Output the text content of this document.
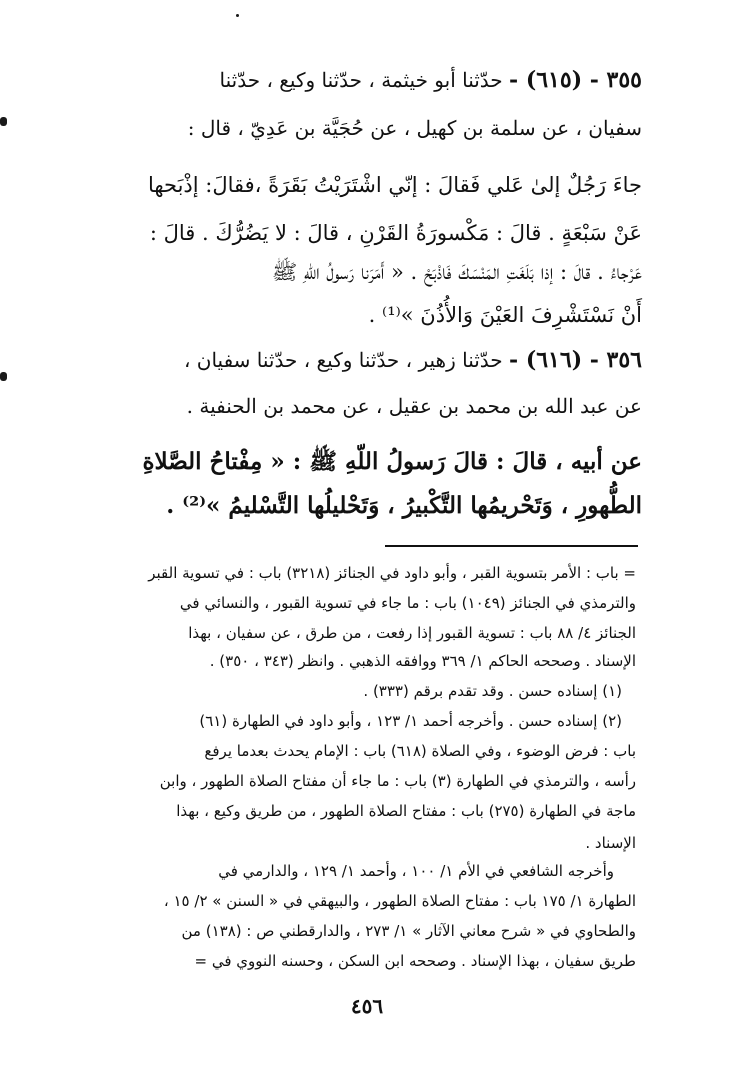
٣٥٥ - (٦١٥) - حدّثنا أبو خيثمة ، حدّثنا وكيع ، حدّثنا
سفيان ، عن سلمة بن كهيل ، عن حُجَيَّة بن عَدِيّ ، قال :
جاءَ رَجُلٌ إلىٰ عَلي فَقالَ : إنّي اشْتَرَيْتُ بَقَرَةً ،فقالَ: إذْبَحها
عَنْ سَبْعَةٍ . قالَ : مَكْسورَةُ القَرْنِ ، قالَ : لا يَضُرُّكَ . قالَ :
عَرْجاءُ . قالَ : إذا بَلَغَتِ المَنْسَكَ فَاذْبَحْ . « أَمَرَنا رَسولُ اللّهِ ﷺ
أَنْ نَسْتَشْرِفَ العَيْنَ وَالأُذُنَ »⁽¹⁾ .
٣٥٦ - (٦١٦) - حدّثنا زهير ، حدّثنا وكيع ، حدّثنا سفيان ،
عن عبد الله بن محمد بن عقيل ، عن محمد بن الحنفية .
عن أبيه ، قالَ : قالَ رَسولُ اللّهِ ﷺ : « مِفْتاحُ الصَّلاةِ
الطُّهورِ ، وَتَحْريمُها التَّكْبيرُ ، وَتَحْليلُها التَّسْليمُ »⁽²⁾ .
= باب : الأمر بتسوية القبر ، وأبو داود في الجنائز (٣٢١٨) باب : في تسوية القبر
والترمذي في الجنائز (١٠٤٩) باب : ما جاء في تسوية القبور ، والنسائي في
الجنائز ٤/ ٨٨ باب : تسوية القبور إذا رفعت ، من طرق ، عن سفيان ، بهذا
الإسناد . وصححه الحاكم ١/ ٣٦٩ ووافقه الذهبي . وانظر (٣٤٣ ، ٣٥٠) .
(١) إسناده حسن . وقد تقدم برقم (٣٣٣) .
(٢) إسناده حسن . وأخرجه أحمد ١/ ١٢٣ ، وأبو داود في الطهارة (٦١)
باب : فرض الوضوء ، وفي الصلاة (٦١٨) باب : الإمام يحدث بعدما يرفع
رأسه ، والترمذي في الطهارة (٣) باب : ما جاء أن مفتاح الصلاة الطهور ، وابن
ماجة في الطهارة (٢٧٥) باب : مفتاح الصلاة الطهور ، من طريق وكيع ، بهذا
الإسناد .
وأخرجه الشافعي في الأم ١/ ١٠٠ ، وأحمد ١/ ١٢٩ ، والدارمي في
الطهارة ١/ ١٧٥ باب : مفتاح الصلاة الطهور ، والبيهقي في « السنن » ٢/ ١٥ ،
والطحاوي في « شرح معاني الآثار » ١/ ٢٧٣ ، والدارقطني ص : (١٣٨) من
طريق سفيان ، بهذا الإسناد . وصححه ابن السكن ، وحسنه النووي في =
٤٥٦
